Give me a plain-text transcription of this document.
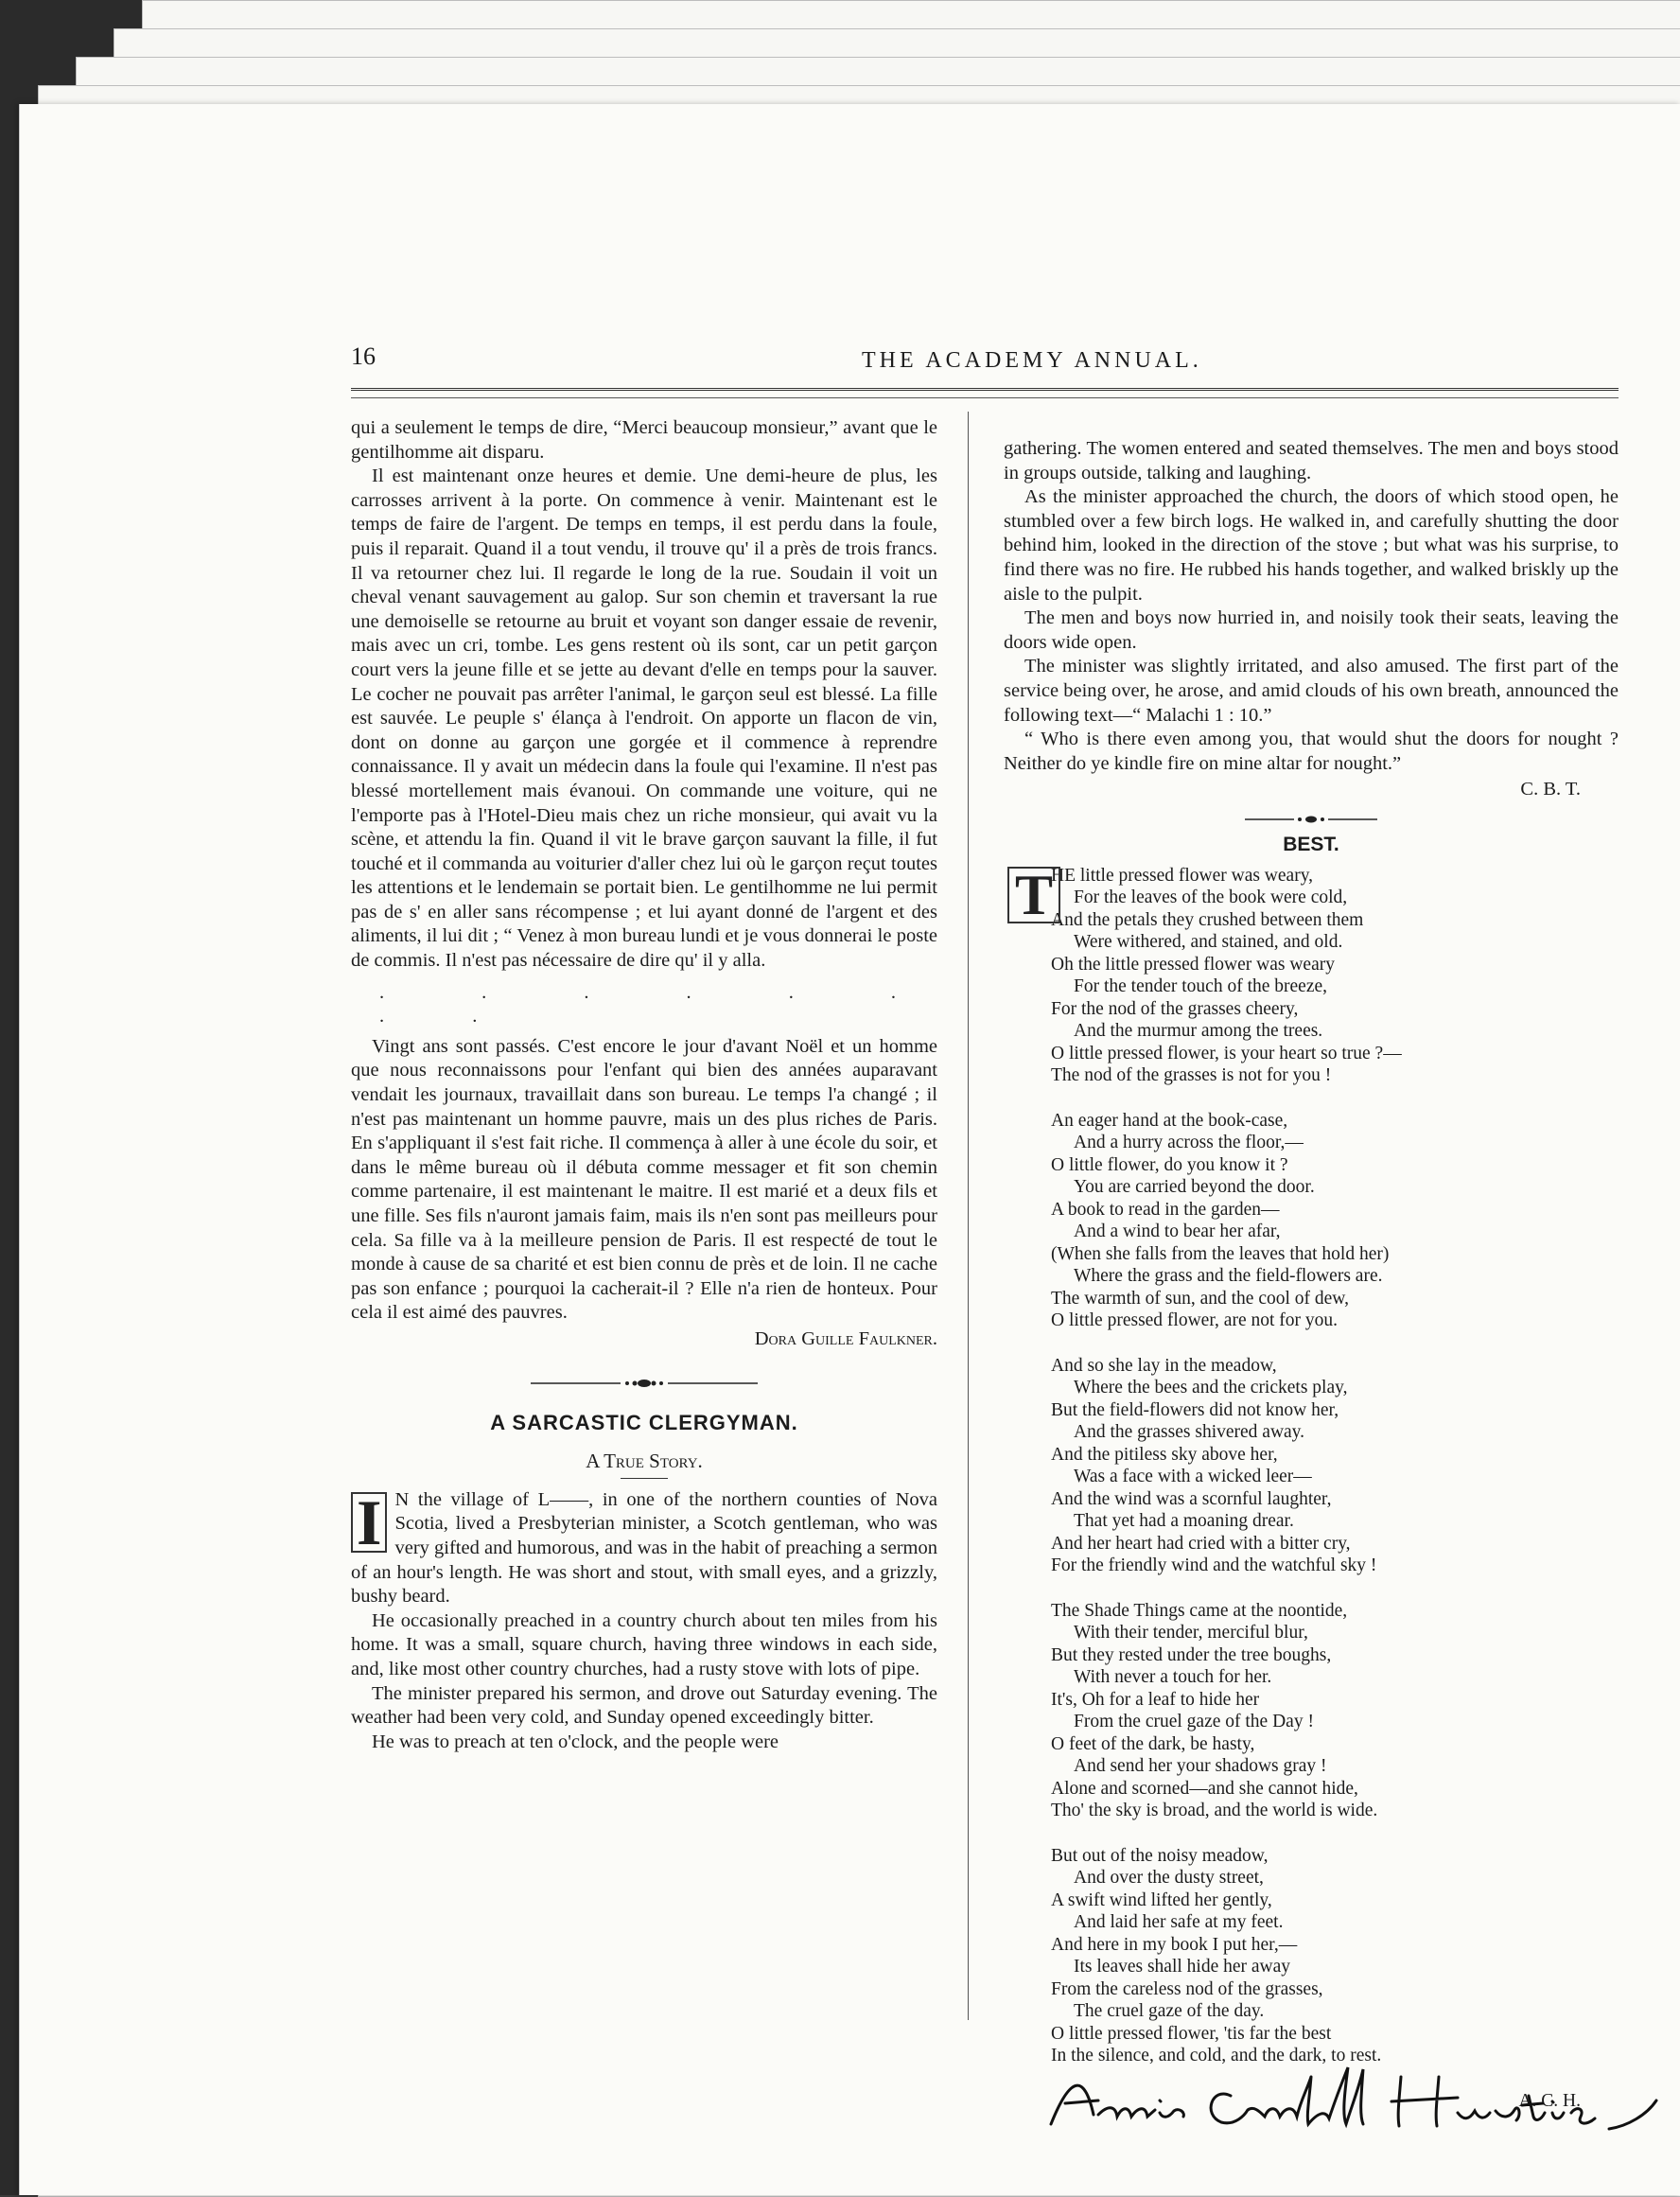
16	THE ACADEMY ANNUAL.

qui a seulement le temps de dire, “Merci beaucoup monsieur,” avant que le gentilhomme ait disparu.

Il est maintenant onze heures et demie. Une demi-heure de plus, les carrosses arrivent à la porte. On commence à venir. Maintenant est le temps de faire de l'argent. De temps en temps, il est perdu dans la foule, puis il reparait. Quand il a tout vendu, il trouve qu' il a près de trois francs. Il va retourner chez lui. Il regarde le long de la rue. Soudain il voit un cheval venant sauvagement au galop. Sur son chemin et traversant la rue une demoiselle se retourne au bruit et voyant son danger essaie de revenir, mais avec un cri, tombe. Les gens restent où ils sont, car un petit garçon court vers la jeune fille et se jette au devant d'elle en temps pour la sauver. Le cocher ne pouvait pas arrêter l'animal, le garçon seul est blessé. La fille est sauvée. Le peuple s' élança à l'endroit. On apporte un flacon de vin, dont on donne au garçon une gorgée et il commence à reprendre connaissance. Il y avait un médecin dans la foule qui l'examine. Il n'est pas blessé mortellement mais évanoui. On commande une voiture, qui ne l'emporte pas à l'Hotel-Dieu mais chez un riche monsieur, qui avait vu la scène, et attendu la fin. Quand il vit le brave garçon sauvant la fille, il fut touché et il commanda au voiturier d'aller chez lui où le garçon reçut toutes les attentions et le lendemain se portait bien. Le gentilhomme ne lui permit pas de s' en aller sans récompense ; et lui ayant donné de l'argent et des aliments, il lui dit ; “ Venez à mon bureau lundi et je vous donnerai le poste de commis. Il n'est pas nécessaire de dire qu' il y alla.

. . . . . . . .

Vingt ans sont passés. C'est encore le jour d'avant Noël et un homme que nous reconnaissons pour l'enfant qui bien des années auparavant vendait les journaux, travaillait dans son bureau. Le temps l'a changé ; il n'est pas maintenant un homme pauvre, mais un des plus riches de Paris. En s'appliquant il s'est fait riche. Il commença à aller à une école du soir, et dans le même bureau où il débuta comme messager et fit son chemin comme partenaire, il est maintenant le maitre. Il est marié et a deux fils et une fille. Ses fils n'auront jamais faim, mais ils n'en sont pas meilleurs pour cela. Sa fille va à la meilleure pension de Paris. Il est respecté de tout le monde à cause de sa charité et est bien connu de près et de loin. Il ne cache pas son enfance ; pourquoi la cacherait-il ? Elle n'a rien de honteux. Pour cela il est aimé des pauvres.

Dora Guille Faulkner.
A SARCASTIC CLERGYMAN.
A True Story.

I N the village of L——, in one of the northern counties of Nova Scotia, lived a Presbyterian minister, a Scotch gentleman, who was very gifted and humorous, and was in the habit of preaching a sermon of an hour's length. He was short and stout, with small eyes, and a grizzly, bushy beard.

He occasionally preached in a country church about ten miles from his home. It was a small, square church, having three windows in each side, and, like most other country churches, had a rusty stove with lots of pipe.

The minister prepared his sermon, and drove out Saturday evening. The weather had been very cold, and Sunday opened exceedingly bitter.

He was to preach at ten o'clock, and the people were

gathering. The women entered and seated themselves. The men and boys stood in groups outside, talking and laughing.

As the minister approached the church, the doors of which stood open, he stumbled over a few birch logs. He walked in, and carefully shutting the door behind him, looked in the direction of the stove ; but what was his surprise, to find there was no fire. He rubbed his hands together, and walked briskly up the aisle to the pulpit.

The men and boys now hurried in, and noisily took their seats, leaving the doors wide open.

The minister was slightly irritated, and also amused. The first part of the service being over, he arose, and amid clouds of his own breath, announced the following text—“ Malachi 1 : 10.”

“ Who is there even among you, that would shut the doors for nought ? Neither do ye kindle fire on mine altar for nought.”

C. B. T.
BEST.
T
HE little pressed flower was weary,
For the leaves of the book were cold,
And the petals they crushed between them
Were withered, and stained, and old.
Oh the little pressed flower was weary
For the tender touch of the breeze,
For the nod of the grasses cheery,
And the murmur among the trees.
O little pressed flower, is your heart so true ?—
The nod of the grasses is not for you !
An eager hand at the book-case,
And a hurry across the floor,—
O little flower, do you know it ?
You are carried beyond the door.
A book to read in the garden—
And a wind to bear her afar,
(When she falls from the leaves that hold her)
Where the grass and the field-flowers are.
The warmth of sun, and the cool of dew,
O little pressed flower, are not for you.
And so she lay in the meadow,
Where the bees and the crickets play,
But the field-flowers did not know her,
And the grasses shivered away.
And the pitiless sky above her,
Was a face with a wicked leer—
And the wind was a scornful laughter,
That yet had a moaning drear.
And her heart had cried with a bitter cry,
For the friendly wind and the watchful sky !
The Shade Things came at the noontide,
With their tender, merciful blur,
But they rested under the tree boughs,
With never a touch for her.
It's, Oh for a leaf to hide her
From the cruel gaze of the Day !
O feet of the dark, be hasty,
And send her your shadows gray !
Alone and scorned—and she cannot hide,
Tho' the sky is broad, and the world is wide.
But out of the noisy meadow,
And over the dusty street,
A swift wind lifted her gently,
And laid her safe at my feet.
And here in my book I put her,—
Its leaves shall hide her away
From the careless nod of the grasses,
The cruel gaze of the day.
O little pressed flower, 'tis far the best
In the silence, and cold, and the dark, to rest.
A. C. H.
